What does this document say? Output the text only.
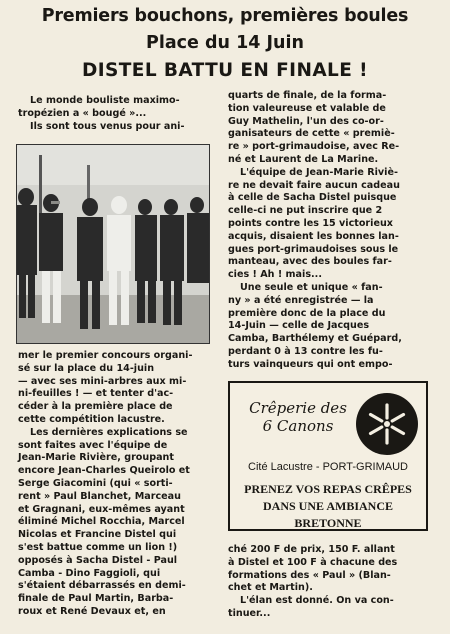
Premiers bouchons, premières boules
Place du 14 Juin
DISTEL BATTU EN FINALE !

Le monde bouliste maximo-

tropézien a « bougé »...

Ils sont tous venus pour ani-

mer le premier concours organi-

sé sur la place du 14-juin

— avec ses mini-arbres aux mi-

ni-feuilles ! — et tenter d'ac-

céder à la première place de

cette compétition lacustre.

Les dernières explications se

sont faites avec l'équipe de

Jean-Marie Rivière, groupant

encore Jean-Charles Queirolo et

Serge Giacomini (qui « sorti-

rent » Paul Blanchet, Marceau

et Gragnani, eux-mêmes ayant

éliminé Michel Rocchia, Marcel

Nicolas et Francine Distel qui

s'est battue comme un lion !)

opposés à Sacha Distel - Paul

Camba - Dino Faggioli, qui

s'étaient débarrassés en demi-

finale de Paul Martin, Barba-

roux et René Devaux et, en

quarts de finale, de la forma-

tion valeureuse et valable de

Guy Mathelin, l'un des co-or-

ganisateurs de cette « premiè-

re » port-grimaudoise, avec Re-

né et Laurent de La Marine.

L'équipe de Jean-Marie Riviè-

re ne devait faire aucun cadeau

à celle de Sacha Distel puisque

celle-ci ne put inscrire que 2

points contre les 15 victorieux

acquis, disaient les bonnes lan-

gues port-grimaudoises sous le

manteau, avec des boules far-

cies ! Ah ! mais...

Une seule et unique « fan-

ny » a été enregistrée — la

première donc de la place du

14-Juin — celle de Jacques

Camba, Barthélemy et Guépard,

perdant 0 à 13 contre les fu-

turs vainqueurs qui ont empo-

Crêperie des
6 Canons
Cité Lacustre - PORT-GRIMAUD
PRENEZ VOS REPAS CRÊPES
DANS UNE AMBIANCE BRETONNE

ché 200 F de prix, 150 F. allant

à Distel et 100 F à chacune des

formations des « Paul » (Blan-

chet et Martin).

L'élan est donné. On va con-

tinuer...
